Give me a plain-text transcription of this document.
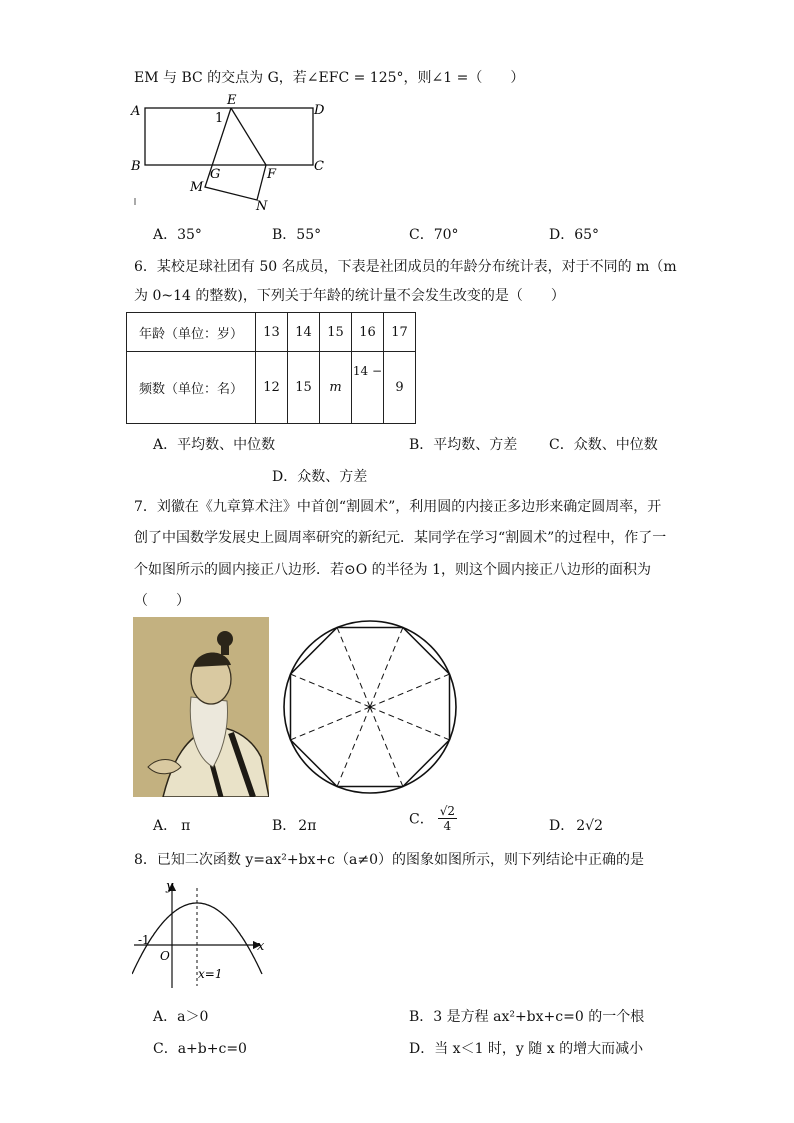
EM 与 BC 的交点为 G，若∠EFC = 125°，则∠1 =（　　）
A
B	C
D
E
F
G
M
N
1
A．35°	B．55°	C．70°	D．65°
6．某校足球社团有 50 名成员，下表是社团成员的年龄分布统计表，对于不同的 m（m
为 0~14 的整数)，下列关于年龄的统计量不会发生改变的是（　　）
年龄（单位：岁）	13	14	15	16	17
频数（单位：名）	12	15	m	14 −	9
A．平均数、中位数	B．平均数、方差 C．众数、中位数
D．众数、方差
7．刘徽在《九章算术注》中首创“割圆术”，利用圆的内接正多边形来确定圆周率，开
创了中国数学发展史上圆周率研究的新纪元．某同学在学习“割圆术”的过程中，作了一
个如图所示的圆内接正八边形．若⊙O 的半径为 1，则这个圆内接正八边形的面积为
（　　）
A． π	B． 2π	C． $\frac{√2}{4}$	D． 2√2
8．已知二次函数 y=ax²+bx+c（a≠0）的图象如图所示，则下列结论中正确的是
y
x
-1
O
x=1
A．a＞0	B．3 是方程 ax²+bx+c=0 的一个根
C．a+b+c=0	D．当 x＜1 时，y 随 x 的增大而减小
